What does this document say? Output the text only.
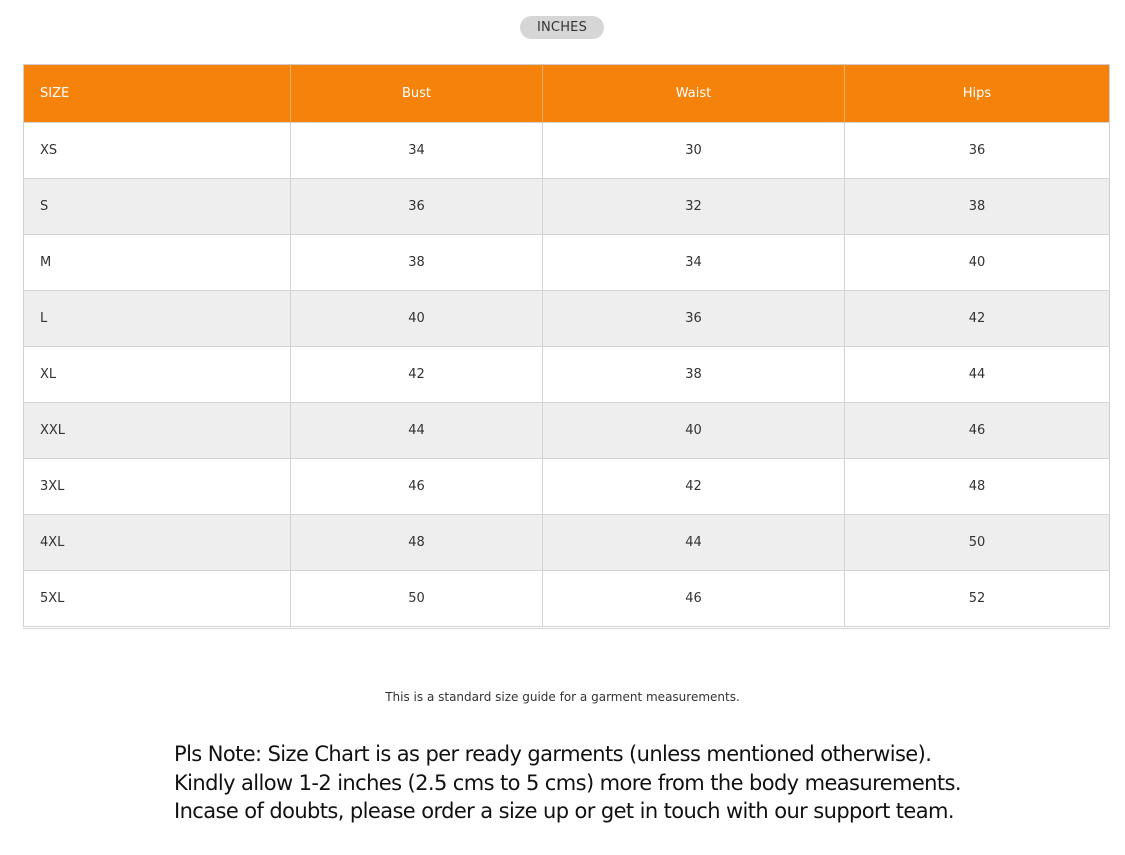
INCHES
SIZE	Bust	Waist	Hips
XS	34	30	36
S	36	32	38
M	38	34	40
L	40	36	42
XL	42	38	44
XXL	44	40	46
3XL	46	42	48
4XL	48	44	50
5XL	50	46	52
This is a standard size guide for a garment measurements.
Pls Note: Size Chart is as per ready garments (unless mentioned otherwise).
Kindly allow 1-2 inches (2.5 cms to 5 cms) more from the body measurements.
Incase of doubts, please order a size up or get in touch with our support team.
